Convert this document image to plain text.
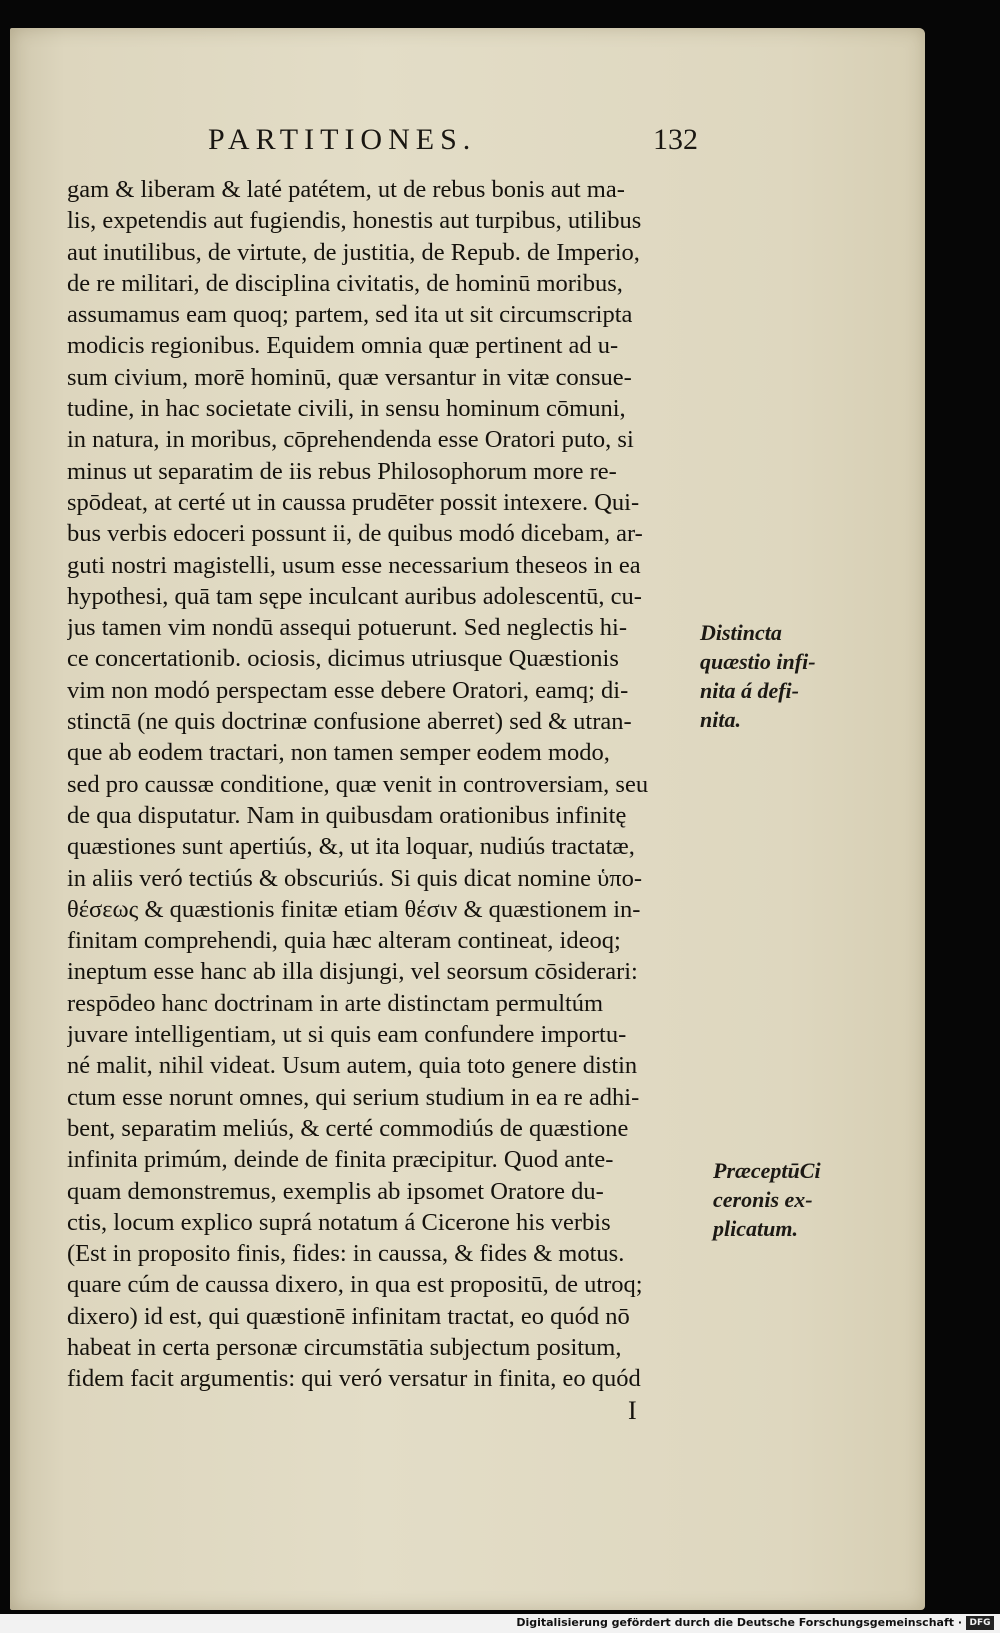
PARTITIONES.	132
gam & liberam & laté patétem, ut de rebus bonis aut ma-
lis, expetendis aut fugiendis, honestis aut turpibus, utilibus
aut inutilibus, de virtute, de justitia, de Repub. de Imperio,
de re militari, de disciplina civitatis, de hominū moribus,
assumamus eam quoq; partem, sed ita ut sit circumscripta
modicis regionibus. Equidem omnia quæ pertinent ad u-
sum civium, morē hominū, quæ versantur in vitæ consue-
tudine, in hac societate civili, in sensu hominum cōmuni,
in natura, in moribus, cōprehendenda esse Oratori puto, si
minus ut separatim de iis rebus Philosophorum more re-
spōdeat, at certé ut in caussa prudēter possit intexere. Qui-
bus verbis edoceri possunt ii, de quibus modó dicebam, ar-
guti nostri magistelli, usum esse necessarium theseos in ea
hypothesi, quā tam sępe inculcant auribus adolescentū, cu-
jus tamen vim nondū assequi potuerunt. Sed neglectis hi-
ce concertationib. ociosis, dicimus utriusque Quæstionis
vim non modó perspectam esse debere Oratori, eamq; di-
stinctā (ne quis doctrinæ confusione aberret) sed & utran-
que ab eodem tractari, non tamen semper eodem modo,
sed pro caussæ conditione, quæ venit in controversiam, seu
de qua disputatur. Nam in quibusdam orationibus infinitę
quæstiones sunt apertiús, &, ut ita loquar, nudiús tractatæ,
in aliis veró tectiús & obscuriús. Si quis dicat nomine ὑπο-
θέσεως & quæstionis finitæ etiam θέσιν & quæstionem in-
finitam comprehendi, quia hæc alteram contineat, ideoq;
ineptum esse hanc ab illa disjungi, vel seorsum cōsiderari:
respōdeo hanc doctrinam in arte distinctam permultúm
juvare intelligentiam, ut si quis eam confundere importu-
né malit, nihil videat. Usum autem, quia toto genere distin
ctum esse norunt omnes, qui serium studium in ea re adhi-
bent, separatim meliús, & certé commodiús de quæstione
infinita primúm, deinde de finita præcipitur. Quod ante-
quam demonstremus, exemplis ab ipsomet Oratore du-
ctis, locum explico suprá notatum á Cicerone his verbis
(Est in proposito finis, fides: in caussa, & fides & motus.
quare cúm de caussa dixero, in qua est propositū, de utroq;
dixero) id est, qui quæstionē infinitam tractat, eo quód nō
habeat in certa personæ circumstātia subjectum positum,
fidem facit argumentis: qui veró versatur in finita, eo quód
Distincta
quæstio infi-
nita á defi-
nita.
PræceptūCi
ceronis ex-
plicatum.
I
Digitalisierung gefördert durch die Deutsche Forschungsgemeinschaft · DFG
